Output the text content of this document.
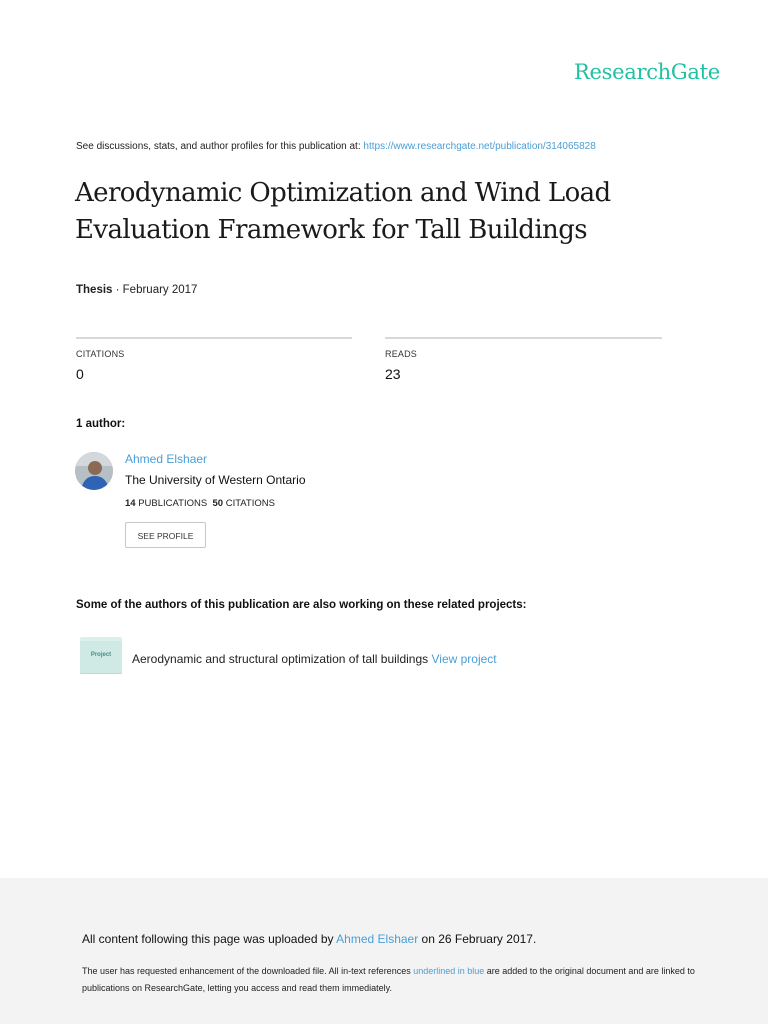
ResearchGate
See discussions, stats, and author profiles for this publication at: https://www.researchgate.net/publication/314065828
Aerodynamic Optimization and Wind Load
Evaluation Framework for Tall Buildings
Thesis · February 2017
CITATIONS
0
READS
23
1 author:
Ahmed Elshaer
The University of Western Ontario
14 PUBLICATIONS 50 CITATIONS
SEE PROFILE
Some of the authors of this publication are also working on these related projects:
Project	Aerodynamic and structural optimization of tall buildings View project
All content following this page was uploaded by Ahmed Elshaer on 26 February 2017.
The user has requested enhancement of the downloaded file. All in-text references underlined in blue are added to the original document and are linked to publications on ResearchGate, letting you access and read them immediately.
